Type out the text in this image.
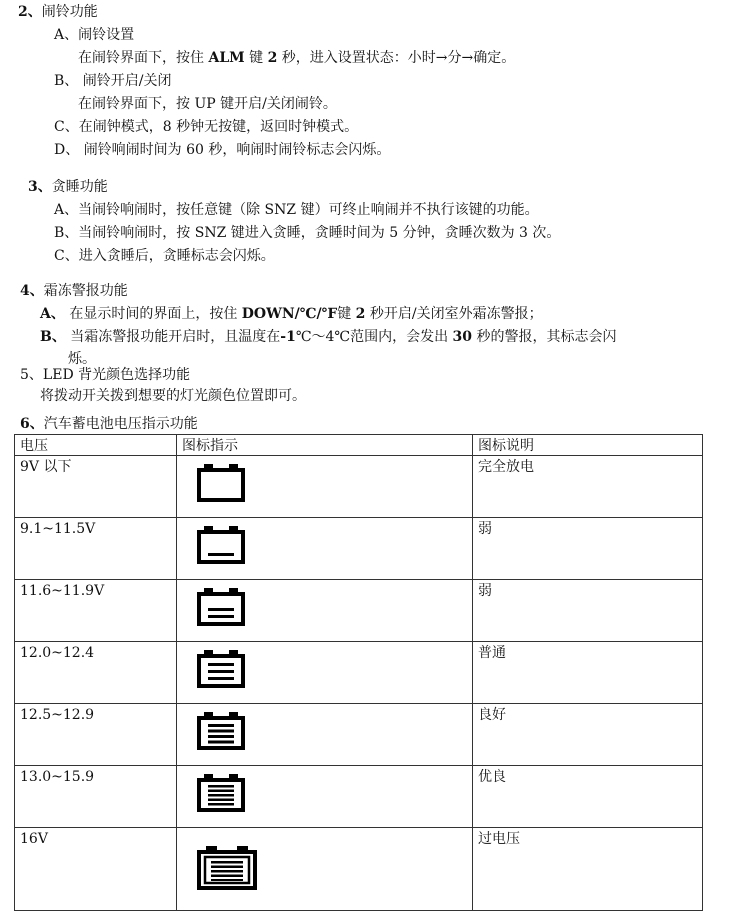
2、闹铃功能
A、闹铃设置
在闹铃界面下，按住 ALM 键 2 秒，进入设置状态：小时→分→确定。
B、 闹铃开启/关闭
在闹铃界面下，按 UP 键开启/关闭闹铃。
C、在闹钟模式，8 秒钟无按键，返回时钟模式。
D、 闹铃响闹时间为 60 秒，响闹时闹铃标志会闪烁。
3、贪睡功能
A、当闹铃响闹时，按任意键（除 SNZ 键）可终止响闹并不执行该键的功能。
B、当闹铃响闹时，按 SNZ 键进入贪睡，贪睡时间为 5 分钟，贪睡次数为 3 次。
C、进入贪睡后，贪睡标志会闪烁。
4、霜冻警报功能
A、 在显示时间的界面上，按住 DOWN/℃/℉键 2 秒开启/关闭室外霜冻警报；
B、 当霜冻警报功能开启时，且温度在-1℃～4℃范围内，会发出 30 秒的警报，其标志会闪
烁。
5、LED 背光颜色选择功能
将拨动开关拨到想要的灯光颜色位置即可。
6、汽车蓄电池电压指示功能
电压	图标指示	图标说明
9V 以下		完全放电
9.1~11.5V		弱
11.6~11.9V		弱
12.0~12.4		普通
12.5~12.9		良好
13.0~15.9		优良
16V		过电压
